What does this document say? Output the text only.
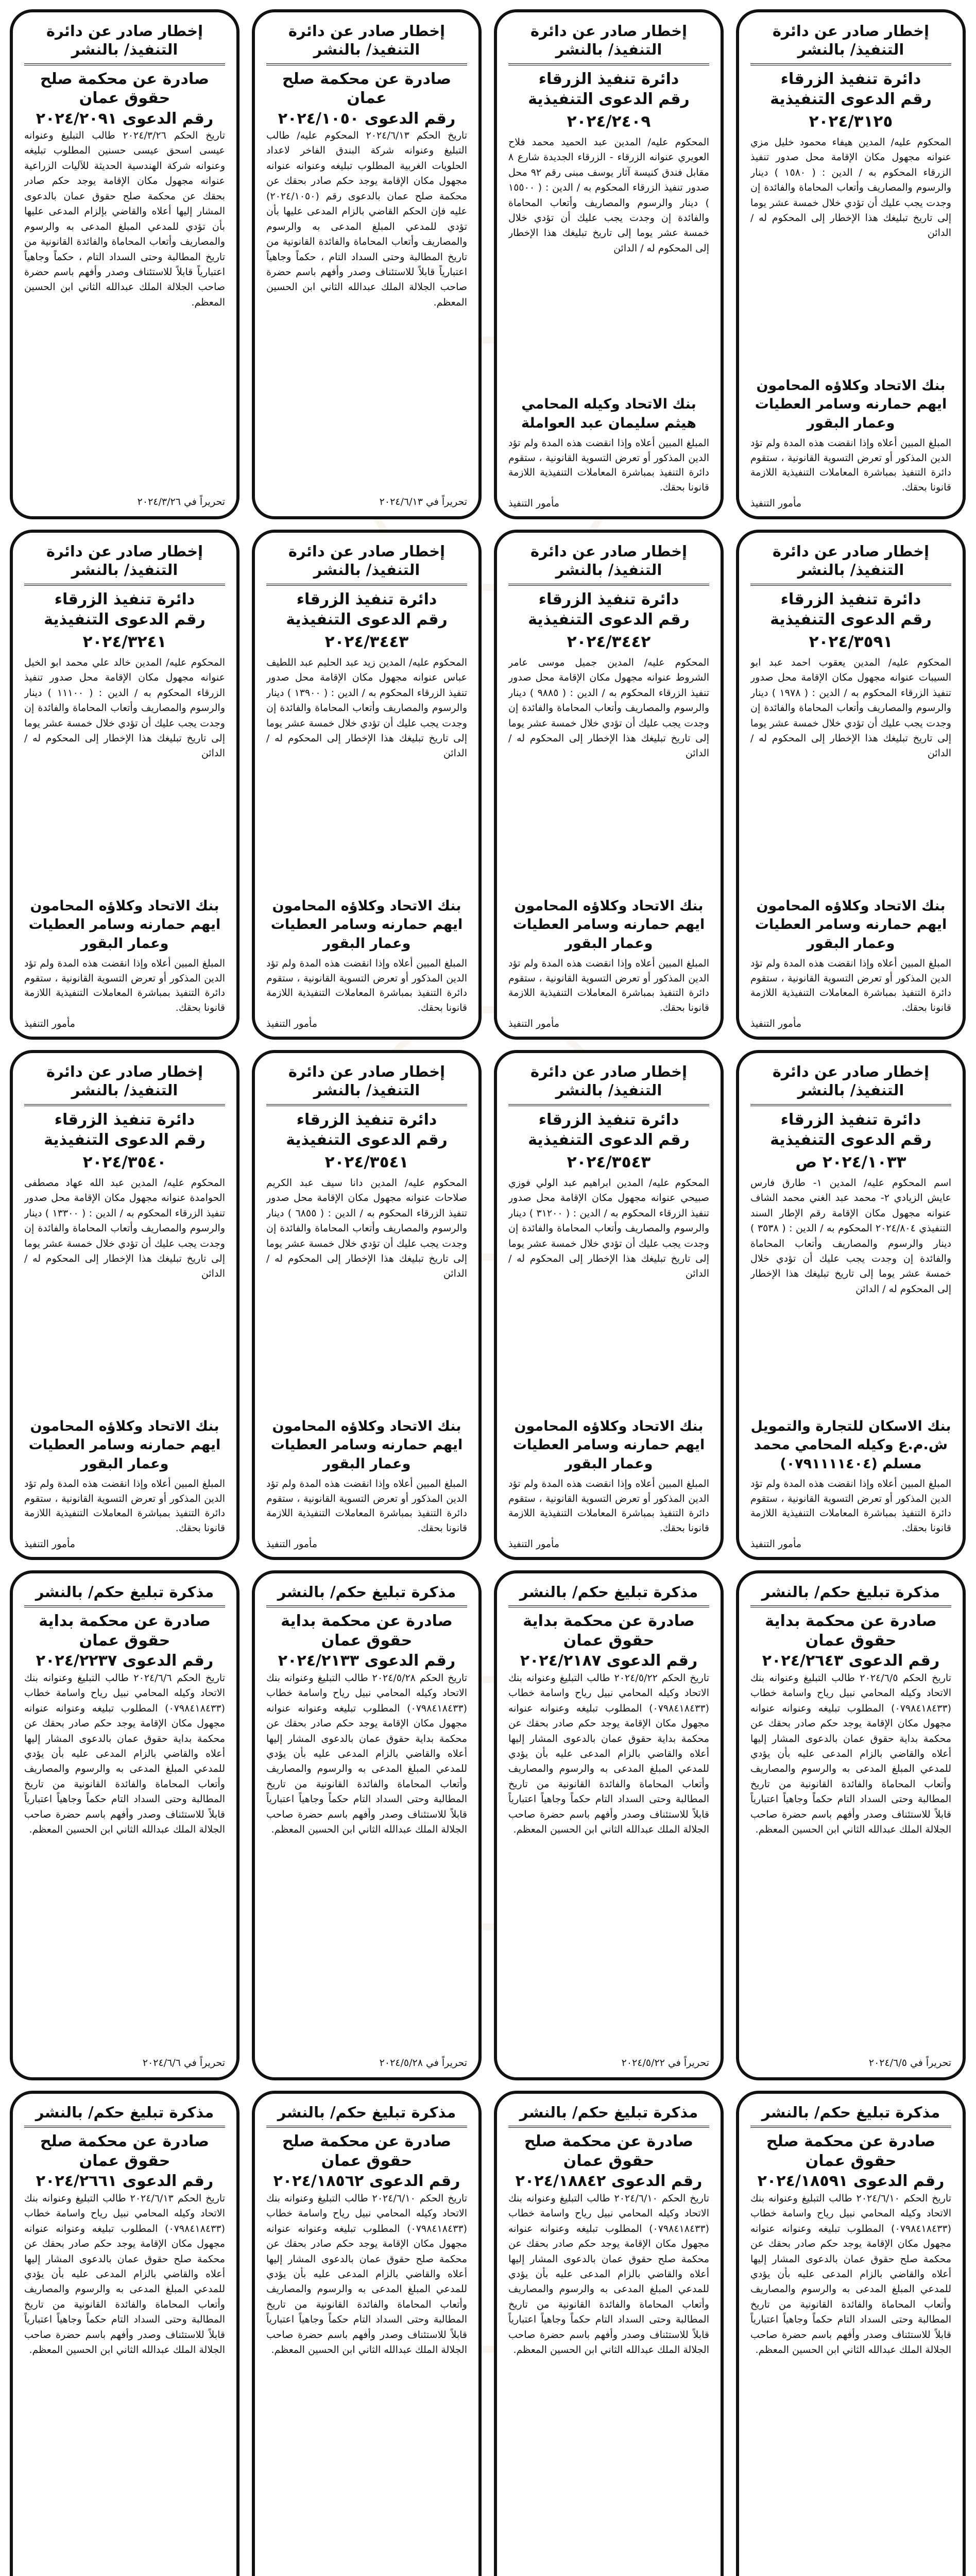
إخطار صادر عن دائرة التنفيذ/ بالنشر
دائرة تنفيذ الزرقاء
رقم الدعوى التنفيذية
٢٠٢٤/٣١٢٥
المحكوم عليه/ المدين هيفاء محمود خليل مزي عنوانه مجهول مكان الإقامة محل صدور تنفيذ الزرقاء المحكوم به / الدين : ( ١٥٨٠ ) دينار والرسوم والمصاريف وأتعاب المحاماة والفائدة إن وجدت يجب عليك أن تؤدي خلال خمسة عشر يوما إلى تاريخ تبليغك هذا الإخطار إلى المحكوم له / الدائن
بنك الاتحاد وكلاؤه المحامون ايهم حمارنه وسامر العطيات وعمار البقور
المبلغ المبين أعلاه وإذا انقضت هذه المدة ولم تؤد الدين المذكور أو تعرض التسوية القانونية ، ستقوم دائرة التنفيذ بمباشرة المعاملات التنفيذية اللازمة قانونا بحقك.
مأمور التنفيذ
إخطار صادر عن دائرة التنفيذ/ بالنشر
دائرة تنفيذ الزرقاء
رقم الدعوى التنفيذية
٢٠٢٤/٢٤٠٩
المحكوم عليه/ المدين عبد الحميد محمد فلاح العويري عنوانه الزرقاء - الزرقاء الجديدة شارع ٨ مقابل فندق كنيسة آثار يوسف مبنى رقم ٩٢ محل صدور تنفيذ الزرقاء المحكوم به / الدين : ( ١٥٥٠٠ ) دينار والرسوم والمصاريف وأتعاب المحاماة والفائدة إن وجدت يجب عليك أن تؤدي خلال خمسة عشر يوما إلى تاريخ تبليغك هذا الإخطار إلى المحكوم له / الدائن
بنك الاتحاد وكيله المحامي هيثم سليمان عبد العواملة
المبلغ المبين أعلاه وإذا انقضت هذه المدة ولم تؤد الدين المذكور أو تعرض التسوية القانونية ، ستقوم دائرة التنفيذ بمباشرة المعاملات التنفيذية اللازمة قانونا بحقك.
مأمور التنفيذ
إخطار صادر عن دائرة التنفيذ/ بالنشر
صادرة عن محكمة صلح عمان
رقم الدعوى ٢٠٢٤/١٠٥٠
تاريخ الحكم ٢٠٢٤/٦/١٣ المحكوم عليه/ طالب التبليغ وعنوانه شركة البندق الفاخر لاعداد الحلويات الغربية المطلوب تبليغه وعنوانه عنوانه مجهول مكان الإقامة يوجد حكم صادر بحقك عن محكمة صلح عمان بالدعوى رقم (٢٠٢٤/١٠٥٠) عليه فإن الحكم القاضي بالزام المدعى عليها بأن تؤدي للمدعي المبلغ المدعى به والرسوم والمصاريف وأتعاب المحاماة والفائدة القانونية من تاريخ المطالبة وحتى السداد التام ، حكماً وجاهياً اعتبارياً قابلاً للاستئناف وصدر وأفهم باسم حضرة صاحب الجلالة الملك عبدالله الثاني ابن الحسين المعظم.
تحريراً في ٢٠٢٤/٦/١٣
إخطار صادر عن دائرة التنفيذ/ بالنشر
صادرة عن محكمة صلح حقوق عمان
رقم الدعوى ٢٠٢٤/٢٠٩١
تاريخ الحكم ٢٠٢٤/٣/٢٦ طالب التبليغ وعنوانه عيسى اسحق عيسى حسنين المطلوب تبليغه وعنوانه شركة الهندسية الحديثة للآليات الزراعية عنوانه مجهول مكان الإقامة يوجد حكم صادر بحقك عن محكمة صلح حقوق عمان بالدعوى المشار إليها أعلاه والقاضي بإلزام المدعى عليها بأن تؤدي للمدعي المبلغ المدعى به والرسوم والمصاريف وأتعاب المحاماة والفائدة القانونية من تاريخ المطالبة وحتى السداد التام ، حكماً وجاهياً اعتبارياً قابلاً للاستئناف وصدر وأفهم باسم حضرة صاحب الجلالة الملك عبدالله الثاني ابن الحسين المعظم.
تحريراً في ٢٠٢٤/٣/٢٦
إخطار صادر عن دائرة التنفيذ/ بالنشر
دائرة تنفيذ الزرقاء
رقم الدعوى التنفيذية
٢٠٢٤/٣٥٩١
المحكوم عليه/ المدين يعقوب احمد عبد ابو السيبات عنوانه مجهول مكان الإقامة محل صدور تنفيذ الزرقاء المحكوم به / الدين : ( ١٩٧٨ ) دينار والرسوم والمصاريف وأتعاب المحاماة والفائدة إن وجدت يجب عليك أن تؤدي خلال خمسة عشر يوما إلى تاريخ تبليغك هذا الإخطار إلى المحكوم له / الدائن
بنك الاتحاد وكلاؤه المحامون ايهم حمارنه وسامر العطيات وعمار البقور
المبلغ المبين أعلاه وإذا انقضت هذه المدة ولم تؤد الدين المذكور أو تعرض التسوية القانونية ، ستقوم دائرة التنفيذ بمباشرة المعاملات التنفيذية اللازمة قانونا بحقك.
مأمور التنفيذ
إخطار صادر عن دائرة التنفيذ/ بالنشر
دائرة تنفيذ الزرقاء
رقم الدعوى التنفيذية
٢٠٢٤/٣٤٤٢
المحكوم عليه/ المدين جميل موسى عامر الشروط عنوانه مجهول مكان الإقامة محل صدور تنفيذ الزرقاء المحكوم به / الدين : ( ٩٨٨٥ ) دينار والرسوم والمصاريف وأتعاب المحاماة والفائدة إن وجدت يجب عليك أن تؤدي خلال خمسة عشر يوما إلى تاريخ تبليغك هذا الإخطار إلى المحكوم له / الدائن
بنك الاتحاد وكلاؤه المحامون ايهم حمارنه وسامر العطيات وعمار البقور
المبلغ المبين أعلاه وإذا انقضت هذه المدة ولم تؤد الدين المذكور أو تعرض التسوية القانونية ، ستقوم دائرة التنفيذ بمباشرة المعاملات التنفيذية اللازمة قانونا بحقك.
مأمور التنفيذ
إخطار صادر عن دائرة التنفيذ/ بالنشر
دائرة تنفيذ الزرقاء
رقم الدعوى التنفيذية
٢٠٢٤/٣٤٤٣
المحكوم عليه/ المدين زيد عبد الحليم عبد اللطيف عباس عنوانه مجهول مكان الإقامة محل صدور تنفيذ الزرقاء المحكوم به / الدين : ( ١٣٩٠٠ ) دينار والرسوم والمصاريف وأتعاب المحاماة والفائدة إن وجدت يجب عليك أن تؤدي خلال خمسة عشر يوما إلى تاريخ تبليغك هذا الإخطار إلى المحكوم له / الدائن
بنك الاتحاد وكلاؤه المحامون ايهم حمارنه وسامر العطيات وعمار البقور
المبلغ المبين أعلاه وإذا انقضت هذه المدة ولم تؤد الدين المذكور أو تعرض التسوية القانونية ، ستقوم دائرة التنفيذ بمباشرة المعاملات التنفيذية اللازمة قانونا بحقك.
مأمور التنفيذ
إخطار صادر عن دائرة التنفيذ/ بالنشر
دائرة تنفيذ الزرقاء
رقم الدعوى التنفيذية
٢٠٢٤/٣٢٤١
المحكوم عليه/ المدين خالد علي محمد ابو الخيل عنوانه مجهول مكان الإقامة محل صدور تنفيذ الزرقاء المحكوم به / الدين : ( ١١١٠٠ ) دينار والرسوم والمصاريف وأتعاب المحاماة والفائدة إن وجدت يجب عليك أن تؤدي خلال خمسة عشر يوما إلى تاريخ تبليغك هذا الإخطار إلى المحكوم له / الدائن
بنك الاتحاد وكلاؤه المحامون ايهم حمارنه وسامر العطيات وعمار البقور
المبلغ المبين أعلاه وإذا انقضت هذه المدة ولم تؤد الدين المذكور أو تعرض التسوية القانونية ، ستقوم دائرة التنفيذ بمباشرة المعاملات التنفيذية اللازمة قانونا بحقك.
مأمور التنفيذ
إخطار صادر عن دائرة التنفيذ/ بالنشر
دائرة تنفيذ الزرقاء
رقم الدعوى التنفيذية
٢٠٢٤/١٠٣٣ ص
اسم المحكوم عليه/ المدين ١- طارق فارس عايش الزيادي ٢- محمد عبد الغني محمد الشاف عنوانه مجهول مكان الإقامة رقم الإطار السند التنفيذي ٢٠٢٤/٨٠٤ المحكوم به / الدين : ( ٣٥٣٨ ) دينار والرسوم والمصاريف وأتعاب المحاماة والفائدة إن وجدت يجب عليك أن تؤدي خلال خمسة عشر يوما إلى تاريخ تبليغك هذا الإخطار إلى المحكوم له / الدائن
بنك الاسكان للتجارة والتمويل ش.م.ع وكيله المحامي محمد مسلم (٠٧٩١١١١٤٠٤)
المبلغ المبين أعلاه وإذا انقضت هذه المدة ولم تؤد الدين المذكور أو تعرض التسوية القانونية ، ستقوم دائرة التنفيذ بمباشرة المعاملات التنفيذية اللازمة قانونا بحقك.
مأمور التنفيذ
إخطار صادر عن دائرة التنفيذ/ بالنشر
دائرة تنفيذ الزرقاء
رقم الدعوى التنفيذية
٢٠٢٤/٣٥٤٣
المحكوم عليه/ المدين ابراهيم عبد الولي فوزي صبيحي عنوانه مجهول مكان الإقامة محل صدور تنفيذ الزرقاء المحكوم به / الدين : ( ٣١٢٠٠ ) دينار والرسوم والمصاريف وأتعاب المحاماة والفائدة إن وجدت يجب عليك أن تؤدي خلال خمسة عشر يوما إلى تاريخ تبليغك هذا الإخطار إلى المحكوم له / الدائن
بنك الاتحاد وكلاؤه المحامون ايهم حمارنه وسامر العطيات وعمار البقور
المبلغ المبين أعلاه وإذا انقضت هذه المدة ولم تؤد الدين المذكور أو تعرض التسوية القانونية ، ستقوم دائرة التنفيذ بمباشرة المعاملات التنفيذية اللازمة قانونا بحقك.
مأمور التنفيذ
إخطار صادر عن دائرة التنفيذ/ بالنشر
دائرة تنفيذ الزرقاء
رقم الدعوى التنفيذية
٢٠٢٤/٣٥٤١
المحكوم عليه/ المدين دانا سيف عبد الكريم صلاحات عنوانه مجهول مكان الإقامة محل صدور تنفيذ الزرقاء المحكوم به / الدين : ( ٦٨٥٥ ) دينار والرسوم والمصاريف وأتعاب المحاماة والفائدة إن وجدت يجب عليك أن تؤدي خلال خمسة عشر يوما إلى تاريخ تبليغك هذا الإخطار إلى المحكوم له / الدائن
بنك الاتحاد وكلاؤه المحامون ايهم حمارنه وسامر العطيات وعمار البقور
المبلغ المبين أعلاه وإذا انقضت هذه المدة ولم تؤد الدين المذكور أو تعرض التسوية القانونية ، ستقوم دائرة التنفيذ بمباشرة المعاملات التنفيذية اللازمة قانونا بحقك.
مأمور التنفيذ
إخطار صادر عن دائرة التنفيذ/ بالنشر
دائرة تنفيذ الزرقاء
رقم الدعوى التنفيذية
٢٠٢٤/٣٥٤٠
المحكوم عليه/ المدين عبد الله عهاد مصطفى الحوامدة عنوانه مجهول مكان الإقامة محل صدور تنفيذ الزرقاء المحكوم به / الدين : ( ١٣٣٠٠ ) دينار والرسوم والمصاريف وأتعاب المحاماة والفائدة إن وجدت يجب عليك أن تؤدي خلال خمسة عشر يوما إلى تاريخ تبليغك هذا الإخطار إلى المحكوم له / الدائن
بنك الاتحاد وكلاؤه المحامون ايهم حمارنه وسامر العطيات وعمار البقور
المبلغ المبين أعلاه وإذا انقضت هذه المدة ولم تؤد الدين المذكور أو تعرض التسوية القانونية ، ستقوم دائرة التنفيذ بمباشرة المعاملات التنفيذية اللازمة قانونا بحقك.
مأمور التنفيذ
مذكرة تبليغ حكم/ بالنشر
صادرة عن محكمة بداية حقوق عمان
رقم الدعوى ٢٠٢٤/٢٦٤٣
تاريخ الحكم ٢٠٢٤/٦/٥ طالب التبليغ وعنوانه بنك الاتحاد وكيله المحامي نبيل رياح واسامة خطاب (٠٧٩٨٤١٨٤٣٣) المطلوب تبليغه وعنوانه عنوانه مجهول مكان الإقامة يوجد حكم صادر بحقك عن محكمة بداية حقوق عمان بالدعوى المشار إليها أعلاه والقاضي بالزام المدعى عليه بأن يؤدي للمدعي المبلغ المدعى به والرسوم والمصاريف وأتعاب المحاماة والفائدة القانونية من تاريخ المطالبة وحتى السداد التام حكماً وجاهياً اعتبارياً قابلاً للاستئناف وصدر وأفهم باسم حضرة صاحب الجلالة الملك عبدالله الثاني ابن الحسين المعظم.
تحريراً في ٢٠٢٤/٦/٥
مذكرة تبليغ حكم/ بالنشر
صادرة عن محكمة بداية حقوق عمان
رقم الدعوى ٢٠٢٤/٢١٨٧
تاريخ الحكم ٢٠٢٤/٥/٢٢ طالب التبليغ وعنوانه بنك الاتحاد وكيله المحامي نبيل رياح واسامة خطاب (٠٧٩٨٤١٨٤٣٣) المطلوب تبليغه وعنوانه عنوانه مجهول مكان الإقامة يوجد حكم صادر بحقك عن محكمة بداية حقوق عمان بالدعوى المشار إليها أعلاه والقاضي بالزام المدعى عليه بأن يؤدي للمدعي المبلغ المدعى به والرسوم والمصاريف وأتعاب المحاماة والفائدة القانونية من تاريخ المطالبة وحتى السداد التام حكماً وجاهياً اعتبارياً قابلاً للاستئناف وصدر وأفهم باسم حضرة صاحب الجلالة الملك عبدالله الثاني ابن الحسين المعظم.
تحريراً في ٢٠٢٤/٥/٢٢
مذكرة تبليغ حكم/ بالنشر
صادرة عن محكمة بداية حقوق عمان
رقم الدعوى ٢٠٢٤/٢١٣٣
تاريخ الحكم ٢٠٢٤/٥/٢٨ طالب التبليغ وعنوانه بنك الاتحاد وكيله المحامي نبيل رياح واسامة خطاب (٠٧٩٨٤١٨٤٣٣) المطلوب تبليغه وعنوانه عنوانه مجهول مكان الإقامة يوجد حكم صادر بحقك عن محكمة بداية حقوق عمان بالدعوى المشار إليها أعلاه والقاضي بالزام المدعى عليه بأن يؤدي للمدعي المبلغ المدعى به والرسوم والمصاريف وأتعاب المحاماة والفائدة القانونية من تاريخ المطالبة وحتى السداد التام حكماً وجاهياً اعتبارياً قابلاً للاستئناف وصدر وأفهم باسم حضرة صاحب الجلالة الملك عبدالله الثاني ابن الحسين المعظم.
تحريراً في ٢٠٢٤/٥/٢٨
مذكرة تبليغ حكم/ بالنشر
صادرة عن محكمة بداية حقوق عمان
رقم الدعوى ٢٠٢٤/٢٢٣٧
تاريخ الحكم ٢٠٢٤/٦/٦ طالب التبليغ وعنوانه بنك الاتحاد وكيله المحامي نبيل رياح واسامة خطاب (٠٧٩٨٤١٨٤٣٣) المطلوب تبليغه وعنوانه عنوانه مجهول مكان الإقامة يوجد حكم صادر بحقك عن محكمة بداية حقوق عمان بالدعوى المشار إليها أعلاه والقاضي بالزام المدعى عليه بأن يؤدي للمدعي المبلغ المدعى به والرسوم والمصاريف وأتعاب المحاماة والفائدة القانونية من تاريخ المطالبة وحتى السداد التام حكماً وجاهياً اعتبارياً قابلاً للاستئناف وصدر وأفهم باسم حضرة صاحب الجلالة الملك عبدالله الثاني ابن الحسين المعظم.
تحريراً في ٢٠٢٤/٦/٦
مذكرة تبليغ حكم/ بالنشر
صادرة عن محكمة صلح حقوق عمان
رقم الدعوى ٢٠٢٤/١٨٥٩١
تاريخ الحكم ٢٠٢٤/٦/١٠ طالب التبليغ وعنوانه بنك الاتحاد وكيله المحامي نبيل رياح واسامة خطاب (٠٧٩٨٤١٨٤٣٣) المطلوب تبليغه وعنوانه عنوانه مجهول مكان الإقامة يوجد حكم صادر بحقك عن محكمة صلح حقوق عمان بالدعوى المشار إليها أعلاه والقاضي بالزام المدعى عليه بأن يؤدي للمدعي المبلغ المدعى به والرسوم والمصاريف وأتعاب المحاماة والفائدة القانونية من تاريخ المطالبة وحتى السداد التام حكماً وجاهياً اعتبارياً قابلاً للاستئناف وصدر وأفهم باسم حضرة صاحب الجلالة الملك عبدالله الثاني ابن الحسين المعظم.
مذكرة تبليغ حكم/ بالنشر
صادرة عن محكمة صلح حقوق عمان
رقم الدعوى ٢٠٢٤/١٨٨٤٢
تاريخ الحكم ٢٠٢٤/٦/١٠ طالب التبليغ وعنوانه بنك الاتحاد وكيله المحامي نبيل رياح واسامة خطاب (٠٧٩٨٤١٨٤٣٣) المطلوب تبليغه وعنوانه عنوانه مجهول مكان الإقامة يوجد حكم صادر بحقك عن محكمة صلح حقوق عمان بالدعوى المشار إليها أعلاه والقاضي بالزام المدعى عليه بأن يؤدي للمدعي المبلغ المدعى به والرسوم والمصاريف وأتعاب المحاماة والفائدة القانونية من تاريخ المطالبة وحتى السداد التام حكماً وجاهياً اعتبارياً قابلاً للاستئناف وصدر وأفهم باسم حضرة صاحب الجلالة الملك عبدالله الثاني ابن الحسين المعظم.
مذكرة تبليغ حكم/ بالنشر
صادرة عن محكمة صلح حقوق عمان
رقم الدعوى ٢٠٢٤/١٨٥٦٢
تاريخ الحكم ٢٠٢٤/٦/١٠ طالب التبليغ وعنوانه بنك الاتحاد وكيله المحامي نبيل رياح واسامة خطاب (٠٧٩٨٤١٨٤٣٣) المطلوب تبليغه وعنوانه عنوانه مجهول مكان الإقامة يوجد حكم صادر بحقك عن محكمة صلح حقوق عمان بالدعوى المشار إليها أعلاه والقاضي بالزام المدعى عليه بأن يؤدي للمدعي المبلغ المدعى به والرسوم والمصاريف وأتعاب المحاماة والفائدة القانونية من تاريخ المطالبة وحتى السداد التام حكماً وجاهياً اعتبارياً قابلاً للاستئناف وصدر وأفهم باسم حضرة صاحب الجلالة الملك عبدالله الثاني ابن الحسين المعظم.
مذكرة تبليغ حكم/ بالنشر
صادرة عن محكمة صلح حقوق عمان
رقم الدعوى ٢٠٢٤/٢٦٦١
تاريخ الحكم ٢٠٢٤/٦/١٣ طالب التبليغ وعنوانه بنك الاتحاد وكيله المحامي نبيل رياح واسامة خطاب (٠٧٩٨٤١٨٤٣٣) المطلوب تبليغه وعنوانه عنوانه مجهول مكان الإقامة يوجد حكم صادر بحقك عن محكمة صلح حقوق عمان بالدعوى المشار إليها أعلاه والقاضي بالزام المدعى عليه بأن يؤدي للمدعي المبلغ المدعى به والرسوم والمصاريف وأتعاب المحاماة والفائدة القانونية من تاريخ المطالبة وحتى السداد التام حكماً وجاهياً اعتبارياً قابلاً للاستئناف وصدر وأفهم باسم حضرة صاحب الجلالة الملك عبدالله الثاني ابن الحسين المعظم.
